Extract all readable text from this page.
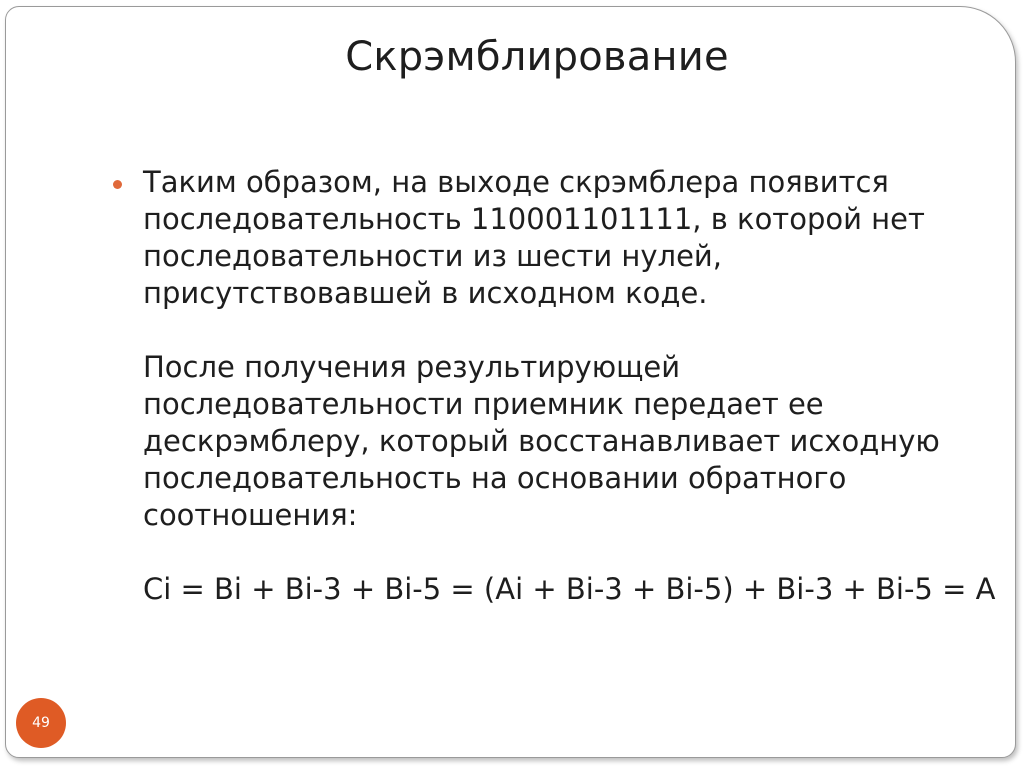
Скрэмблирование
Таким образом, на выходе скрэмблера появится
последовательность 110001101111, в которой нет
последовательности из шести нулей,
присутствовавшей в исходном коде.
После получения результирующей
последовательности приемник передает ее
дескрэмблеру, который восстанавливает исходную
последовательность на основании обратного
соотношения:
Ci = Bi + Bi-3 + Bi-5 = (Ai + Bi-3 + Bi-5) + Bi-3 + Bi-5 = A
49
